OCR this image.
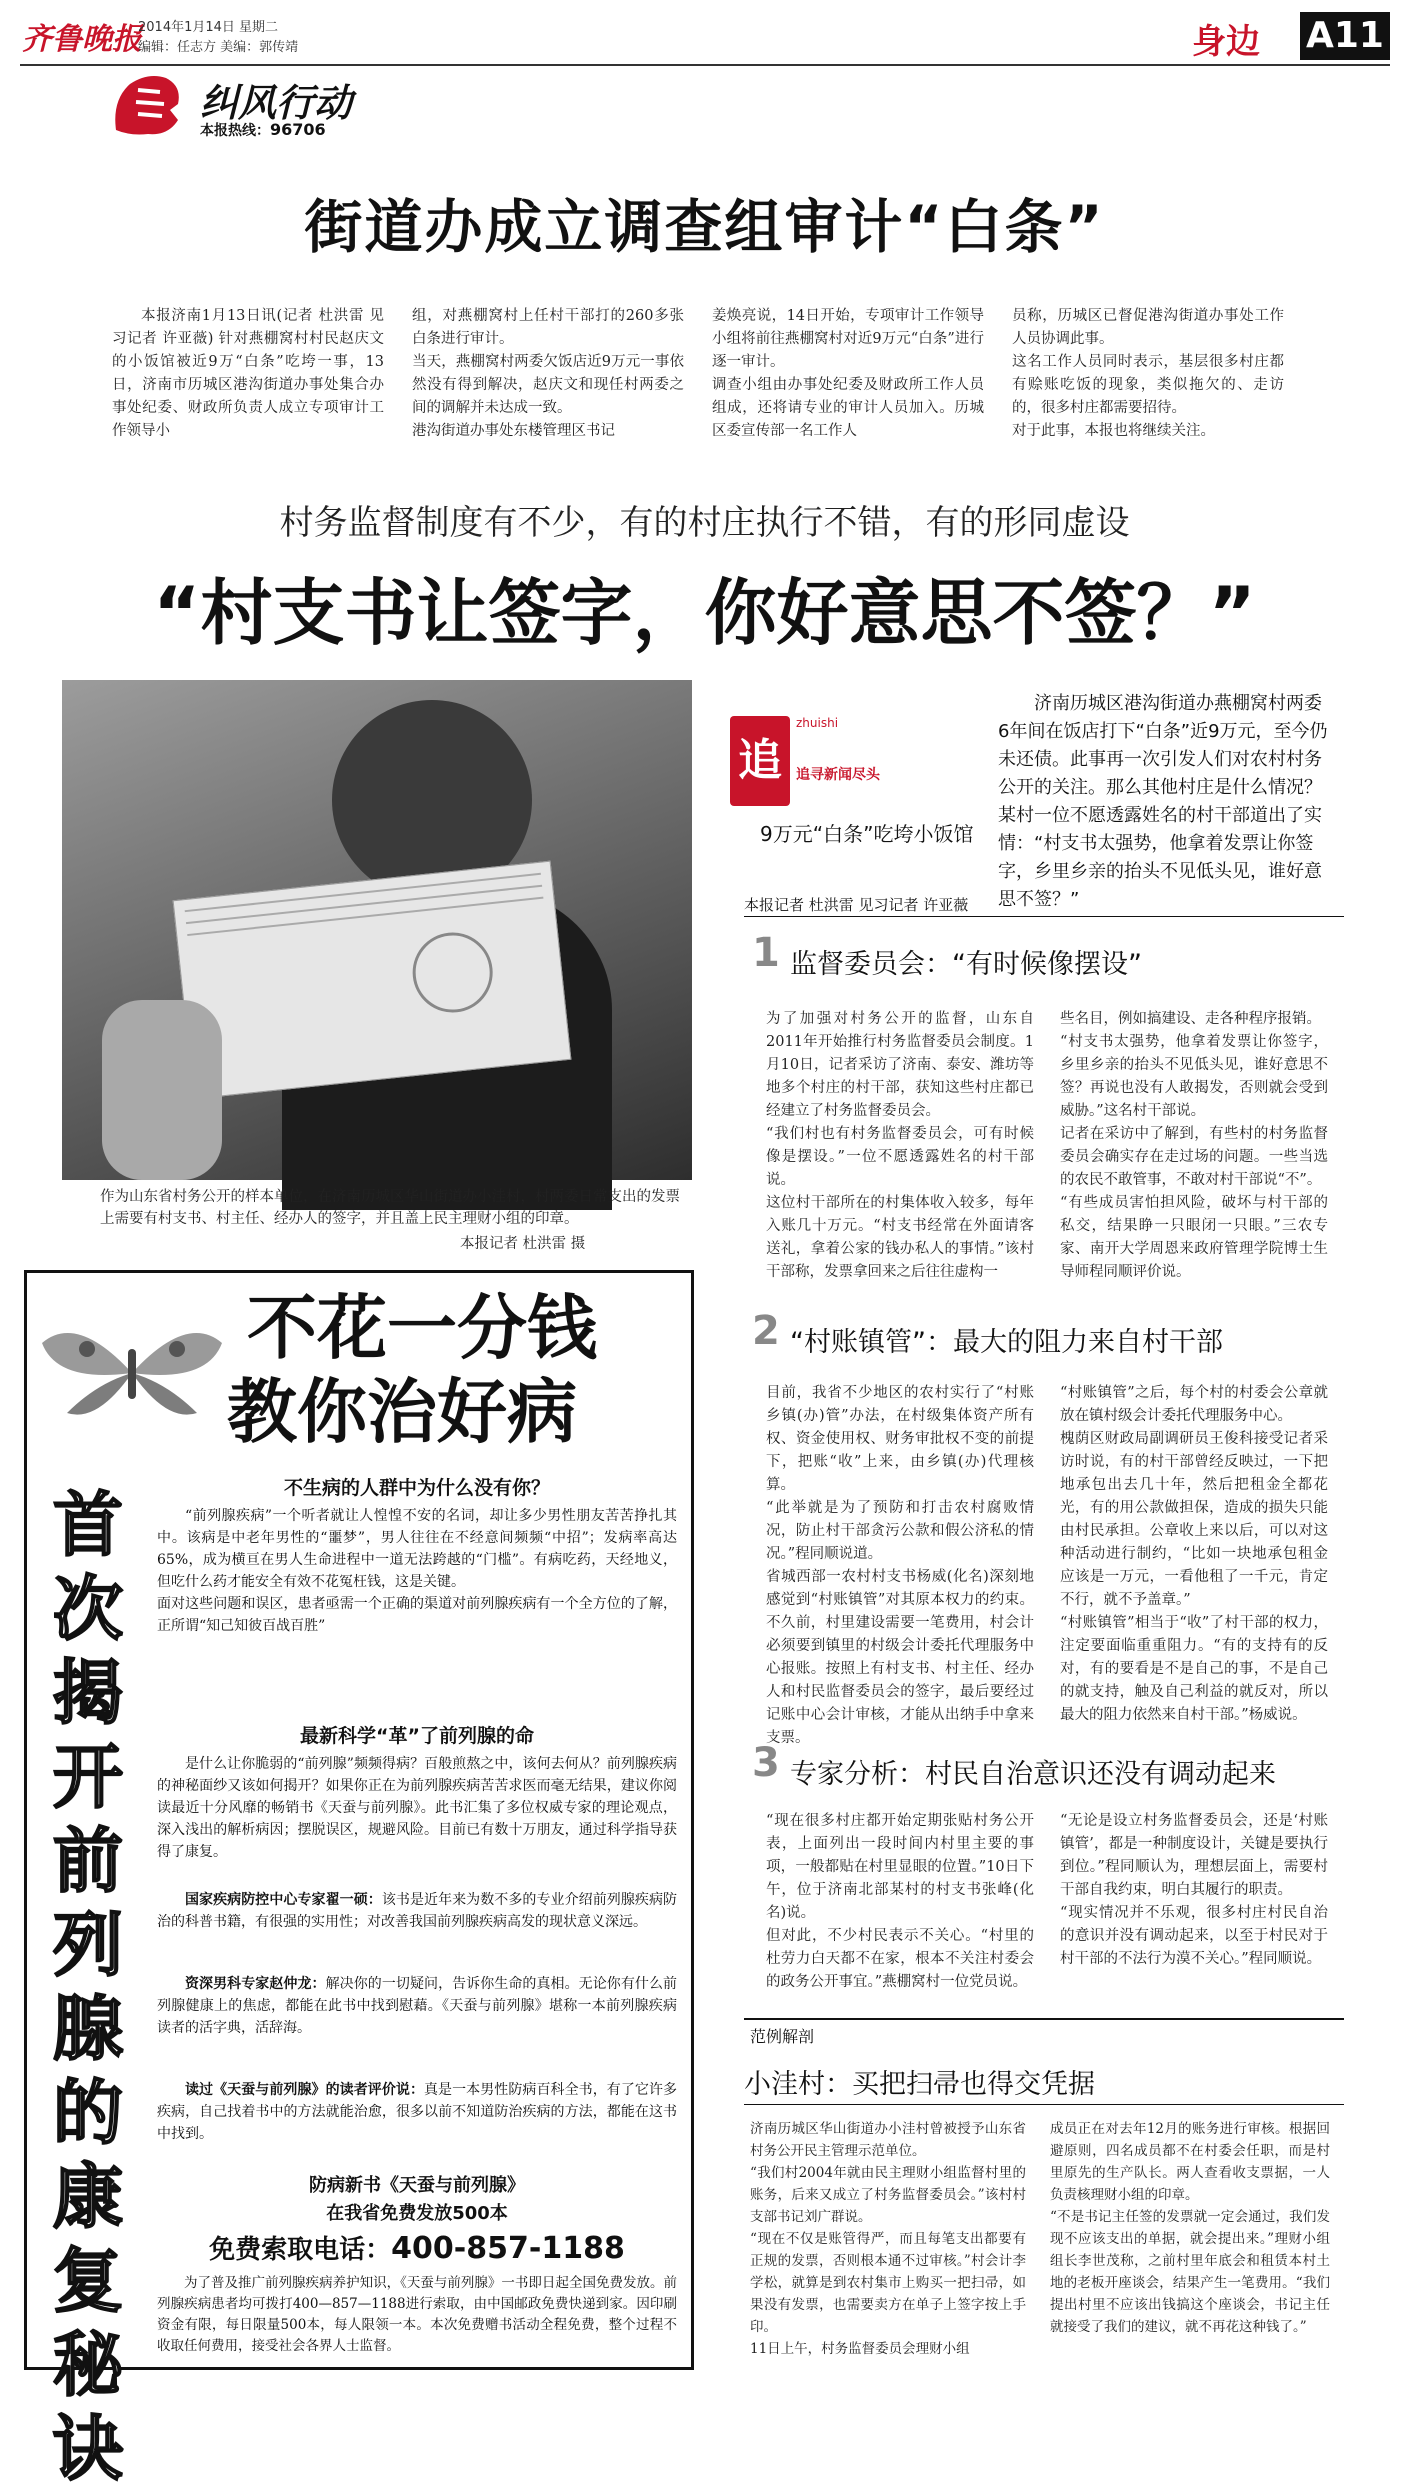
齐鲁晚报
2014年1月14日 星期二
编辑：任志方 美编：郭传靖	身边 A11
纠风行动
本报热线：96706
街道办成立调查组审计“白条”
本报济南1月13日讯(记者 杜洪雷 见习记者 许亚薇) 针对燕棚窝村村民赵庆文的小饭馆被近9万“白条”吃垮一事，13日，济南市历城区港沟街道办事处集合办事处纪委、财政所负责人成立专项审计工作领导小
组，对燕棚窝村上任村干部打的260多张白条进行审计。
当天，燕棚窝村两委欠饭店近9万元一事依然没有得到解决，赵庆文和现任村两委之间的调解并未达成一致。
港沟街道办事处东楼管理区书记
姜焕亮说，14日开始，专项审计工作领导小组将前往燕棚窝村对近9万元“白条”进行逐一审计。
调查小组由办事处纪委及财政所工作人员组成，还将请专业的审计人员加入。历城区委宣传部一名工作人
员称，历城区已督促港沟街道办事处工作人员协调此事。
这名工作人员同时表示，基层很多村庄都有赊账吃饭的现象，类似拖欠的、走访的，很多村庄都需要招待。
对于此事，本报也将继续关注。
村务监督制度有不少，有的村庄执行不错，有的形同虚设
“村支书让签字，你好意思不签？”
作为山东省村务公开的样本单位，在济南历城区华山街道办小洼村，村两委日常支出的发票上需要有村支书、村主任、经办人的签字，并且盖上民主理财小组的印章。
本报记者 杜洪雷 摄
追事
zhuishi
追寻新闻尽头
9万元“白条”吃垮小饭馆
济南历城区港沟街道办燕棚窝村两委6年间在饭店打下“白条”近9万元，至今仍未还债。此事再一次引发人们对农村村务公开的关注。那么其他村庄是什么情况？某村一位不愿透露姓名的村干部道出了实情：“村支书太强势，他拿着发票让你签字，乡里乡亲的抬头不见低头见，谁好意思不签？”
本报记者 杜洪雷 见习记者 许亚薇
1 监督委员会：“有时候像摆设”
为了加强对村务公开的监督，山东自2011年开始推行村务监督委员会制度。1月10日，记者采访了济南、泰安、潍坊等地多个村庄的村干部，获知这些村庄都已经建立了村务监督委员会。
“我们村也有村务监督委员会，可有时候像是摆设。”一位不愿透露姓名的村干部说。
这位村干部所在的村集体收入较多，每年入账几十万元。“村支书经常在外面请客送礼，拿着公家的钱办私人的事情。”该村干部称，发票拿回来之后往往虚构一
些名目，例如搞建设、走各种程序报销。
“村支书太强势，他拿着发票让你签字，乡里乡亲的抬头不见低头见，谁好意思不签？再说也没有人敢揭发，否则就会受到威胁。”这名村干部说。
记者在采访中了解到，有些村的村务监督委员会确实存在走过场的问题。一些当选的农民不敢管事，不敢对村干部说“不”。
“有些成员害怕担风险，破坏与村干部的私交，结果睁一只眼闭一只眼。”三农专家、南开大学周恩来政府管理学院博士生导师程同顺评价说。
2 “村账镇管”：最大的阻力来自村干部
目前，我省不少地区的农村实行了“村账乡镇(办)管”办法，在村级集体资产所有权、资金使用权、财务审批权不变的前提下，把账“收”上来，由乡镇(办)代理核算。
“此举就是为了预防和打击农村腐败情况，防止村干部贪污公款和假公济私的情况。”程同顺说道。
省城西部一农村村支书杨威(化名)深刻地感觉到“村账镇管”对其原本权力的约束。不久前，村里建设需要一笔费用，村会计必须要到镇里的村级会计委托代理服务中心报账。按照上有村支书、村主任、经办人和村民监督委员会的签字，最后要经过记账中心会计审核，才能从出纳手中拿来支票。
“村账镇管”之后，每个村的村委会公章就放在镇村级会计委托代理服务中心。
槐荫区财政局副调研员王俊科接受记者采访时说，有的村干部曾经反映过，一下把地承包出去几十年，然后把租金全都花光，有的用公款做担保，造成的损失只能由村民承担。公章收上来以后，可以对这种活动进行制约，“比如一块地承包租金应该是一万元，一看他租了一千元，肯定不行，就不予盖章。”
“村账镇管”相当于“收”了村干部的权力，注定要面临重重阻力。“有的支持有的反对，有的要看是不是自己的事，不是自己的就支持，触及自己利益的就反对，所以最大的阻力依然来自村干部。”杨威说。
3 专家分析：村民自治意识还没有调动起来
“现在很多村庄都开始定期张贴村务公开表，上面列出一段时间内村里主要的事项，一般都贴在村里显眼的位置。”10日下午，位于济南北部某村的村支书张峰(化名)说。
但对此，不少村民表示不关心。“村里的杜劳力白天都不在家，根本不关注村委会的政务公开事宜。”燕棚窝村一位党员说。
“无论是设立村务监督委员会，还是‘村账镇管’，都是一种制度设计，关键是要执行到位。”程同顺认为，理想层面上，需要村干部自我约束，明白其履行的职责。
“现实情况并不乐观，很多村庄村民自治的意识并没有调动起来，以至于村民对于村干部的不法行为漠不关心。”程同顺说。
范例解剖
小洼村：买把扫帚也得交凭据
济南历城区华山街道办小洼村曾被授予山东省村务公开民主管理示范单位。
“我们村2004年就由民主理财小组监督村里的账务，后来又成立了村务监督委员会。”该村村支部书记刘广群说。
“现在不仅是账管得严，而且每笔支出都要有正规的发票，否则根本通不过审核。”村会计李学松，就算是到农村集市上购买一把扫帚，如果没有发票，也需要卖方在单子上签字按上手印。
11日上午，村务监督委员会理财小组
成员正在对去年12月的账务进行审核。根据回避原则，四名成员都不在村委会任职，而是村里原先的生产队长。两人查看收支票据，一人负责核理财小组的印章。
“不是书记主任签的发票就一定会通过，我们发现不应该支出的单据，就会提出来。”理财小组组长李世茂称，之前村里年底会和租赁本村土地的老板开座谈会，结果产生一笔费用。“我们提出村里不应该出钱搞这个座谈会，书记主任就接受了我们的建议，就不再花这种钱了。”
不花一分钱
教你治好病
首次揭开前列腺的康复秘诀
不生病的人群中为什么没有你？
“前列腺疾病”一个听者就让人惶惶不安的名词，却让多少男性朋友苦苦挣扎其中。该病是中老年男性的“噩梦”，男人往往在不经意间频频“中招”；发病率高达65%，成为横亘在男人生命进程中一道无法跨越的“门槛”。有病吃药，天经地义，但吃什么药才能安全有效不花冤枉钱，这是关键。
面对这些问题和误区，患者亟需一个正确的渠道对前列腺疾病有一个全方位的了解，正所谓“知己知彼百战百胜”
最新科学“革”了前列腺的命
是什么让你脆弱的“前列腺”频频得病？百般煎熬之中，该何去何从？前列腺疾病的神秘面纱又该如何揭开？如果你正在为前列腺疾病苦苦求医而毫无结果，建议你阅读最近十分风靡的畅销书《天蚕与前列腺》。此书汇集了多位权威专家的理论观点，深入浅出的解析病因；摆脱误区，规避风险。目前已有数十万朋友，通过科学指导获得了康复。
国家疾病防控中心专家翟一硕：该书是近年来为数不多的专业介绍前列腺疾病防治的科普书籍，有很强的实用性；对改善我国前列腺疾病高发的现状意义深远。
资深男科专家赵仲龙：解决你的一切疑问，告诉你生命的真相。无论你有什么前列腺健康上的焦虑，都能在此书中找到慰藉。《天蚕与前列腺》堪称一本前列腺疾病读者的活字典，活辞海。
读过《天蚕与前列腺》的读者评价说：真是一本男性防病百科全书，有了它许多疾病，自己找着书中的方法就能治愈，很多以前不知道防治疾病的方法，都能在这书中找到。
防病新书《天蚕与前列腺》
在我省免费发放500本
免费索取电话：400-857-1188
为了普及推广前列腺疾病养护知识，《天蚕与前列腺》一书即日起全国免费发放。前列腺疾病患者均可拨打400—857—1188进行索取，由中国邮政免费快递到家。因印刷资金有限，每日限量500本，每人限领一本。本次免费赠书活动全程免费，整个过程不收取任何费用，接受社会各界人士监督。
